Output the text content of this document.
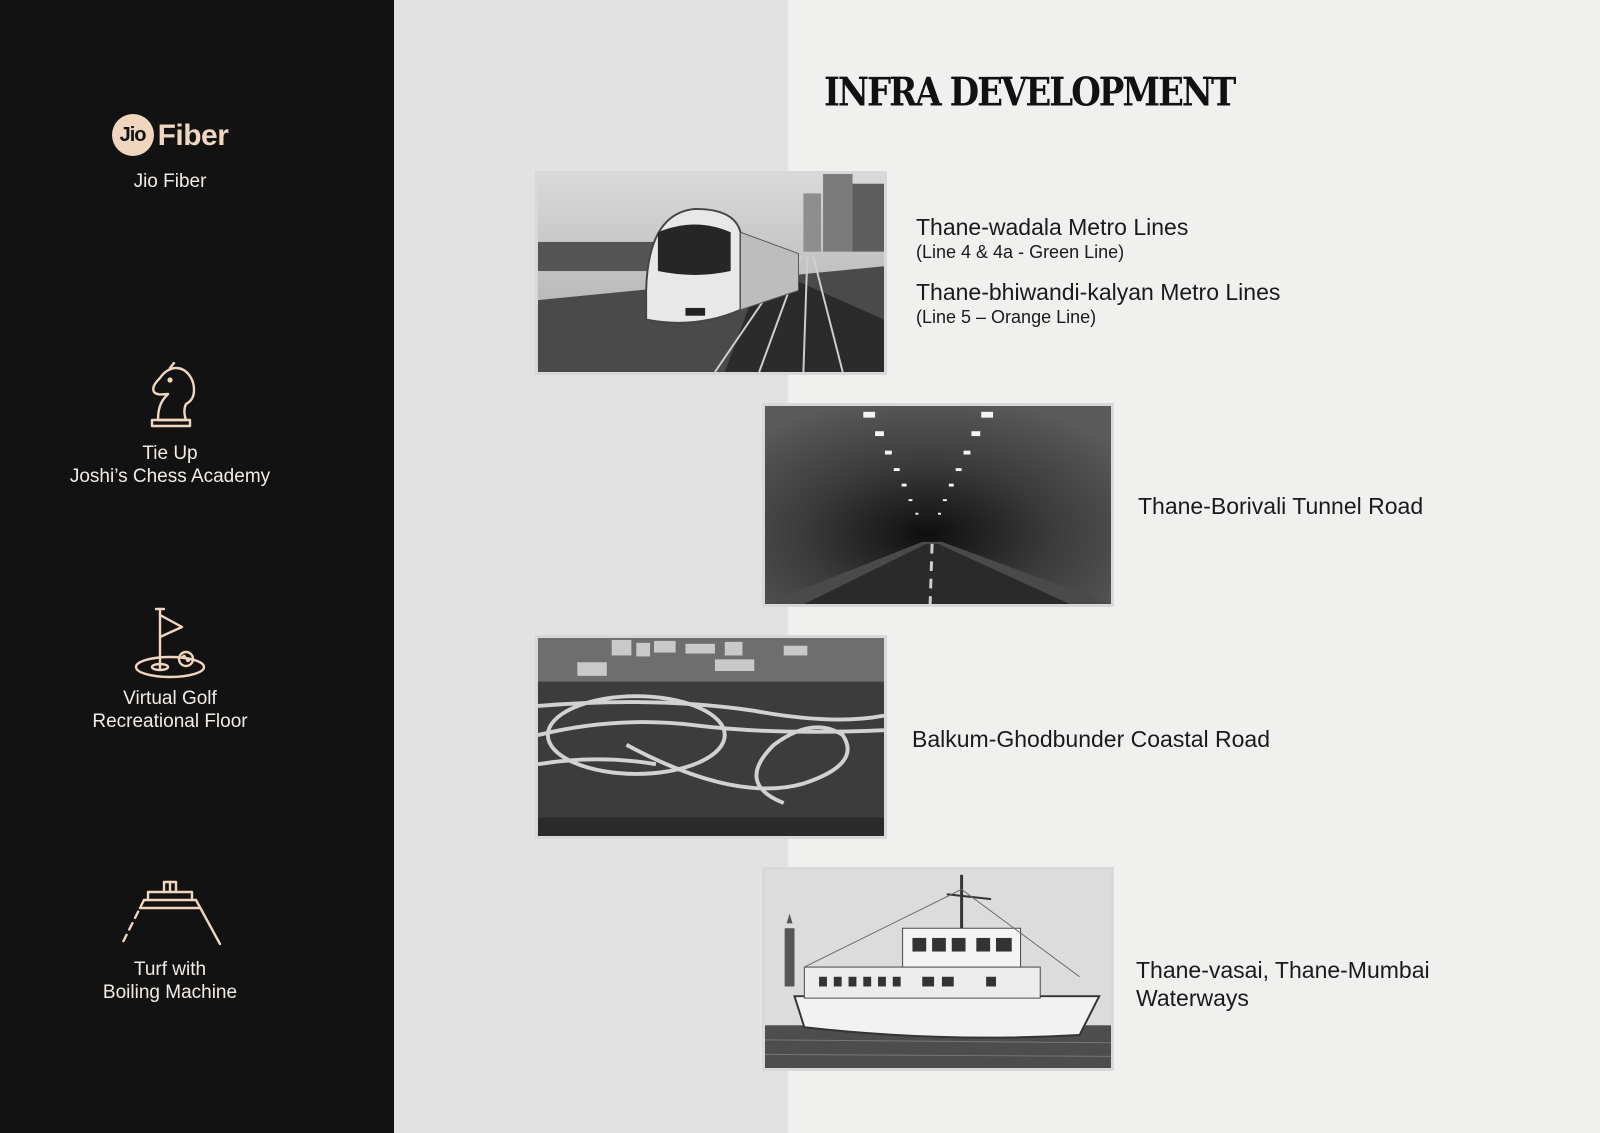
Jio Fiber
Jio Fiber
Tie Up
Joshi’s Chess Academy
Virtual Golf
Recreational Floor
Turf with
Boiling Machine
INFRA DEVELOPMENT
Thane-wadala Metro Lines
(Line 4 & 4a - Green Line)
Thane-bhiwandi-kalyan Metro Lines
(Line 5 – Orange Line)
Thane-Borivali Tunnel Road
Balkum-Ghodbunder Coastal Road
Thane-vasai, Thane-Mumbai
Waterways
